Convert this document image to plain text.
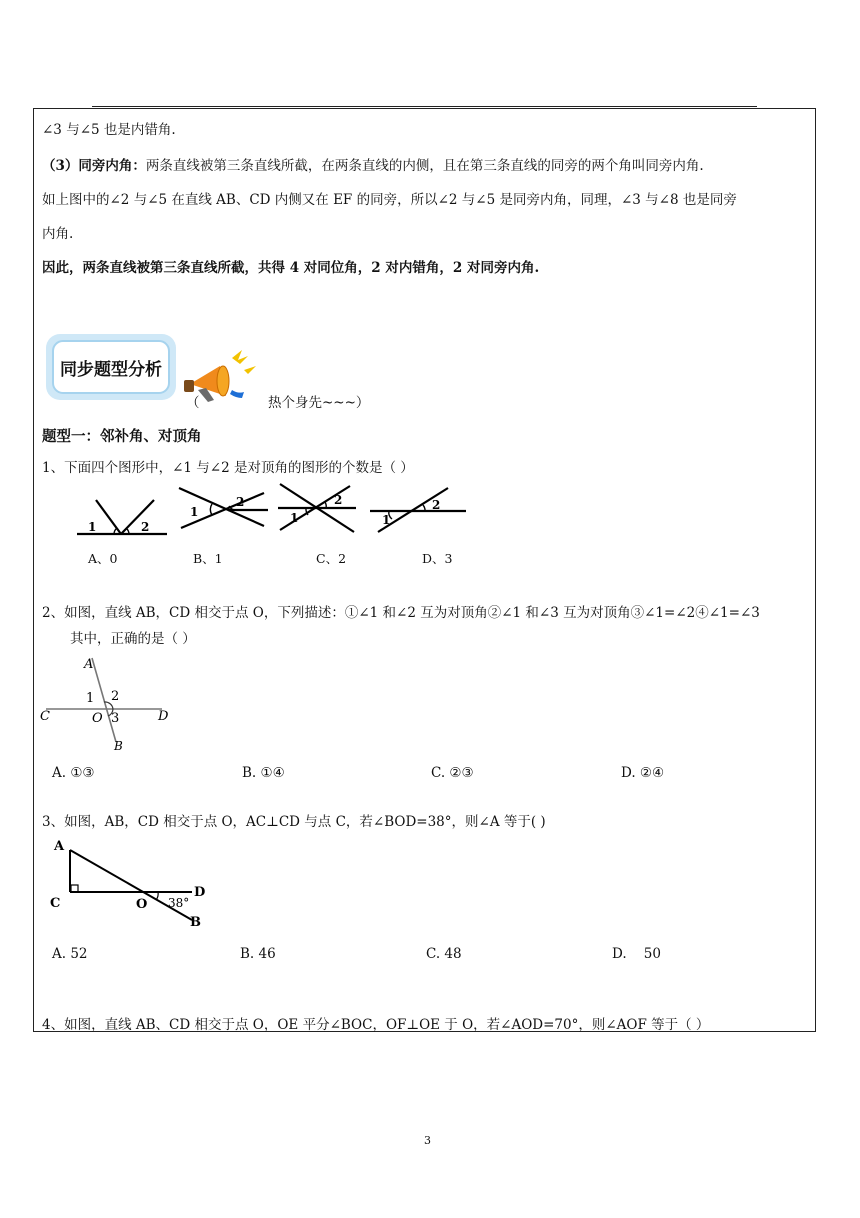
∠3 与∠5 也是内错角.
（3）同旁内角：两条直线被第三条直线所截，在两条直线的内侧，且在第三条直线的同旁的两个角叫同旁内角.
如上图中的∠2 与∠5 在直线 AB、CD 内侧又在 EF 的同旁，所以∠2 与∠5 是同旁内角，同理，∠3 与∠8 也是同旁
内角.
因此，两条直线被第三条直线所截，共得 4 对同位角，2 对内错角，2 对同旁内角.
同步题型分析
（	热个身先~~~）
题型一：邻补角、对顶角
1、下面四个图形中，∠1 与∠2 是对顶角的图形的个数是（ ）
1	2
1
2
1
2
1
2
A、0	B、1	C、2	D、3
2、如图，直线 AB，CD 相交于点 O，下列描述：①∠1 和∠2 互为对顶角②∠1 和∠3 互为对顶角③∠1=∠2④∠1=∠3
其中，正确的是（ ）
A
C	D
O
B
1 2
3
A. ①③	B. ①④	C. ②③	D. ②④
3、如图，AB，CD 相交于点 O，AC⊥CD 与点 C，若∠BOD=38°，则∠A 等于( )
A
C	O
D
B
38°
A. 52	B. 46	C. 48	D.    50
4、如图，直线 AB、CD 相交于点 O，OE 平分∠BOC，OF⊥OE 于 O，若∠AOD=70°，则∠AOF 等于（ ）
3
